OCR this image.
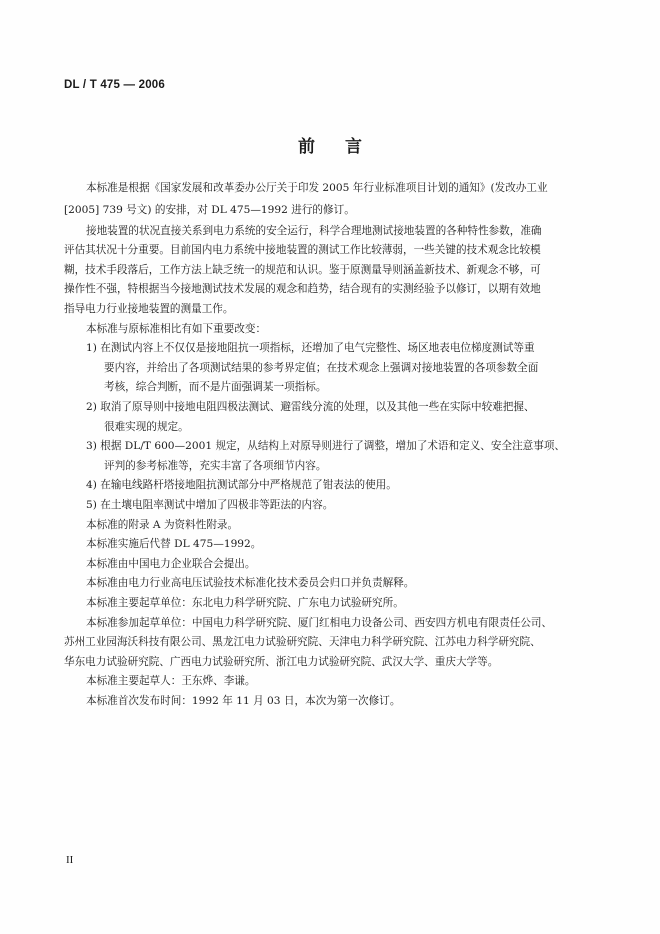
DL / T 475 — 2006
前 言
本标准是根据《国家发展和改革委办公厅关于印发 2005 年行业标准项目计划的通知》(发改办工业
[2005] 739 号文) 的安排，对 DL 475—1992 进行的修订。
接地装置的状况直接关系到电力系统的安全运行，科学合理地测试接地装置的各种特性参数，准确
评估其状况十分重要。目前国内电力系统中接地装置的测试工作比较薄弱，一些关键的技术观念比较模
糊，技术手段落后，工作方法上缺乏统一的规范和认识。鉴于原测量导则涵盖新技术、新观念不够，可
操作性不强，特根据当今接地测试技术发展的观念和趋势，结合现有的实测经验予以修订，以期有效地
指导电力行业接地装置的测量工作。
本标准与原标准相比有如下重要改变：
1) 在测试内容上不仅仅是接地阻抗一项指标，还增加了电气完整性、场区地表电位梯度测试等重
要内容，并给出了各项测试结果的参考界定值；在技术观念上强调对接地装置的各项参数全面
考核，综合判断，而不是片面强调某一项指标。
2) 取消了原导则中接地电阻四极法测试、避雷线分流的处理，以及其他一些在实际中较难把握、
很难实现的规定。
3) 根据 DL/T 600—2001 规定，从结构上对原导则进行了调整，增加了术语和定义、安全注意事项、
评判的参考标准等，充实丰富了各项细节内容。
4) 在输电线路杆塔接地阻抗测试部分中严格规范了钳表法的使用。
5) 在土壤电阻率测试中增加了四极非等距法的内容。
本标准的附录 A 为资料性附录。
本标准实施后代替 DL 475—1992。
本标准由中国电力企业联合会提出。
本标准由电力行业高电压试验技术标准化技术委员会归口并负责解释。
本标准主要起草单位：东北电力科学研究院、广东电力试验研究所。
本标准参加起草单位：中国电力科学研究院、厦门红相电力设备公司、西安四方机电有限责任公司、
苏州工业园海沃科技有限公司、黑龙江电力试验研究院、天津电力科学研究院、江苏电力科学研究院、
华东电力试验研究院、广西电力试验研究所、浙江电力试验研究院、武汉大学、重庆大学等。
本标准主要起草人：王东烨、李谦。
本标准首次发布时间：1992 年 11 月 03 日，本次为第一次修订。
II
